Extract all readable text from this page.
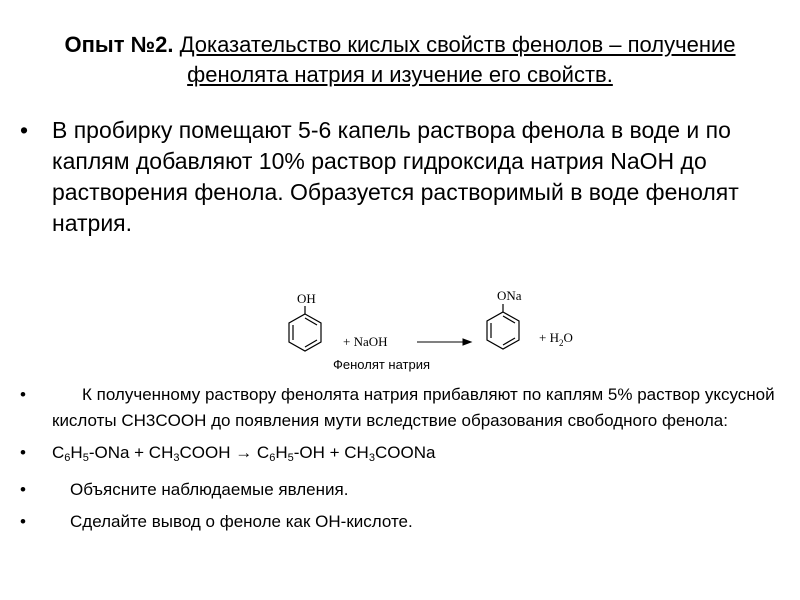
Опыт №2. Доказательство кислых свойств фенолов – получение фенолята натрия и изучение его свойств.
• В пробирку помещают 5-6 капель раствора фенола в воде и по каплям добавляют 10% раствор гидроксида натрия NaOH до растворения фенола. Образуется растворимый в воде фенолят натрия.
OH
+ NaOH
ONa
+ $H_2O$
Фенолят натрия
•	К полученному раствору фенолята натрия прибавляют по каплям 5% раствор уксусной кислоты CH3COOH до появления мути вследствие образования свободного фенола:
• $C_6H_5$-ONa + $CH_3COOH \to C_6H_5-OH$ + $CH_3COONa$
•	Объясните наблюдаемые явления.
•	Сделайте вывод о феноле как OH-кислоте.
